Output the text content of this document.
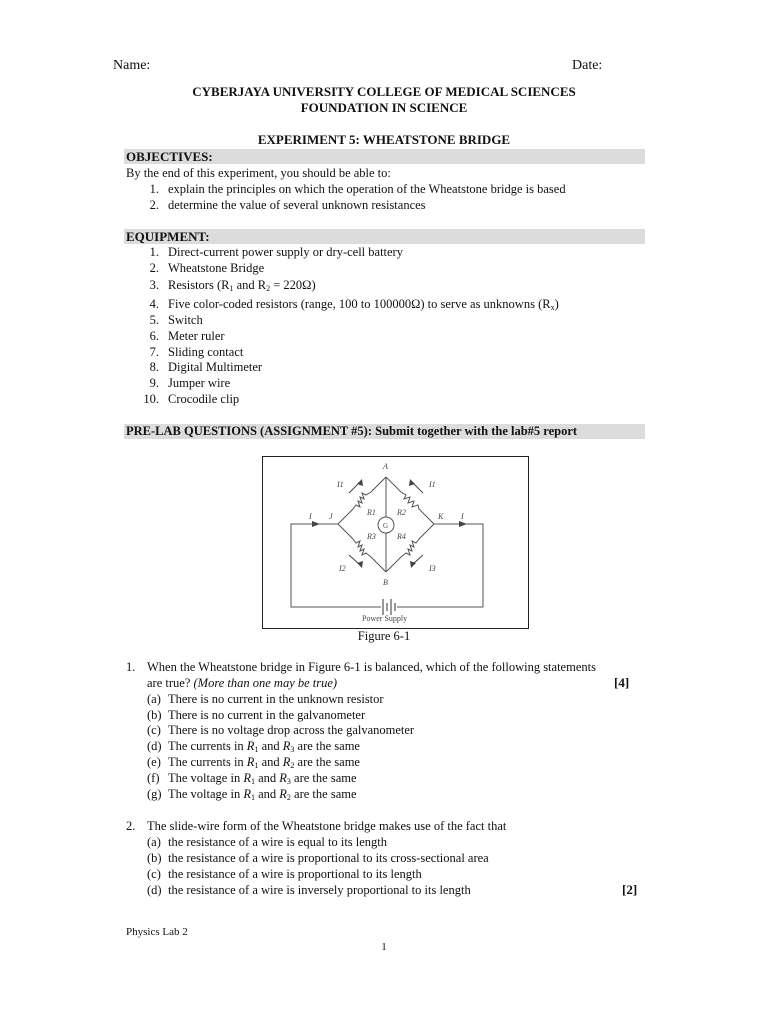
Name:	Date:
CYBERJAYA UNIVERSITY COLLEGE OF MEDICAL SCIENCES
FOUNDATION IN SCIENCE
EXPERIMENT 5: WHEATSTONE BRIDGE
OBJECTIVES:
By the end of this experiment, you should be able to:
1. explain the principles on which the operation of the Wheatstone bridge is based
2. determine the value of several unknown resistances
EQUIPMENT:
1. Direct-current power supply or dry-cell battery
2. Wheatstone Bridge
3. Resistors ($R_1$ and $R_2 = 220\Omega$)
4. Five color-coded resistors (range, 100 to 100000Ω) to serve as unknowns $(R_x)$
5. Switch
6. Meter ruler
7. Sliding contact
8. Digital Multimeter
9. Jumper wire
10. Crocodile clip
PRE-LAB QUESTIONS (ASSIGNMENT #5): Submit together with the lab#5 report
A
B
J	K
G
I	I
I1	I1
I2	I3
R1	R2
R3	R4
Power Supply
Figure 6-1
1. When the Wheatstone bridge in Figure 6-1 is balanced, which of the following statements
are true? (More than one may be true)	[4]
(a) There is no current in the unknown resistor
(b) There is no current in the galvanometer
(c) There is no voltage drop across the galvanometer
(d) The currents in $R_1$ and $R_3$ are the same
(e) The currents in $R_1$ and $R_2$ are the same
(f) The voltage in $R_1$ and $R_3$ are the same
(g) The voltage in $R_1$ and $R_2$ are the same
2. The slide-wire form of the Wheatstone bridge makes use of the fact that
(a) the resistance of a wire is equal to its length
(b) the resistance of a wire is proportional to its cross-sectional area
(c) the resistance of a wire is proportional to its length
(d) the resistance of a wire is inversely proportional to its length	[2]
Physics Lab 2
1
